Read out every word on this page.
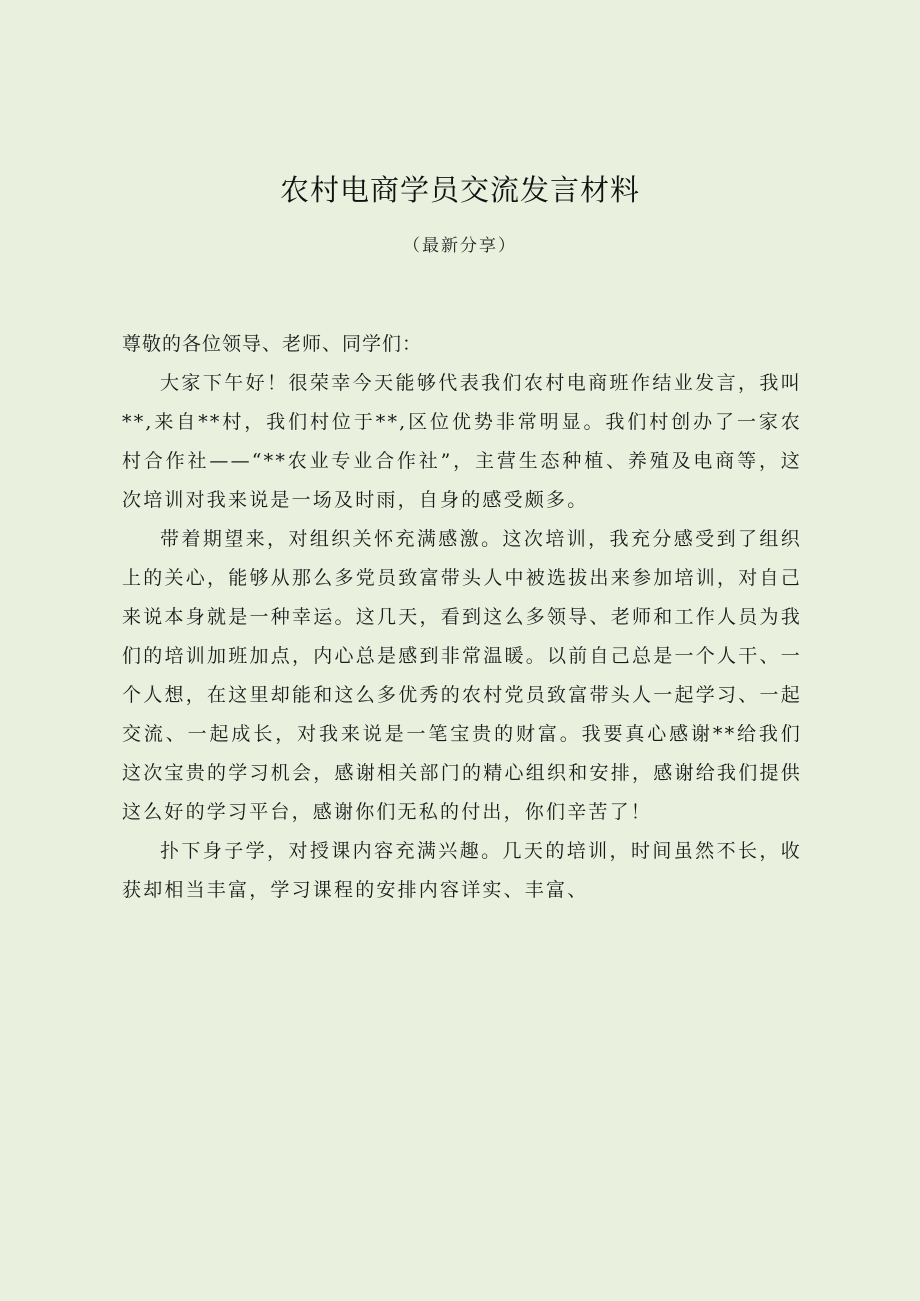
农村电商学员交流发言材料
（最新分享）

尊敬的各位领导、老师、同学们：

大家下午好！很荣幸今天能够代表我们农村电商班作结业发言，我叫**,来自**村，我们村位于**,区位优势非常明显。我们村创办了一家农村合作社——“**农业专业合作社”，主营生态种植、养殖及电商等，这次培训对我来说是一场及时雨，自身的感受颇多。

带着期望来，对组织关怀充满感激。这次培训，我充分感受到了组织上的关心，能够从那么多党员致富带头人中被选拔出来参加培训，对自己来说本身就是一种幸运。这几天，看到这么多领导、老师和工作人员为我们的培训加班加点，内心总是感到非常温暖。以前自己总是一个人干、一个人想，在这里却能和这么多优秀的农村党员致富带头人一起学习、一起交流、一起成长，对我来说是一笔宝贵的财富。我要真心感谢**给我们这次宝贵的学习机会，感谢相关部门的精心组织和安排，感谢给我们提供这么好的学习平台，感谢你们无私的付出，你们辛苦了！

扑下身子学，对授课内容充满兴趣。几天的培训，时间虽然不长，收获却相当丰富，学习课程的安排内容详实、丰富、
